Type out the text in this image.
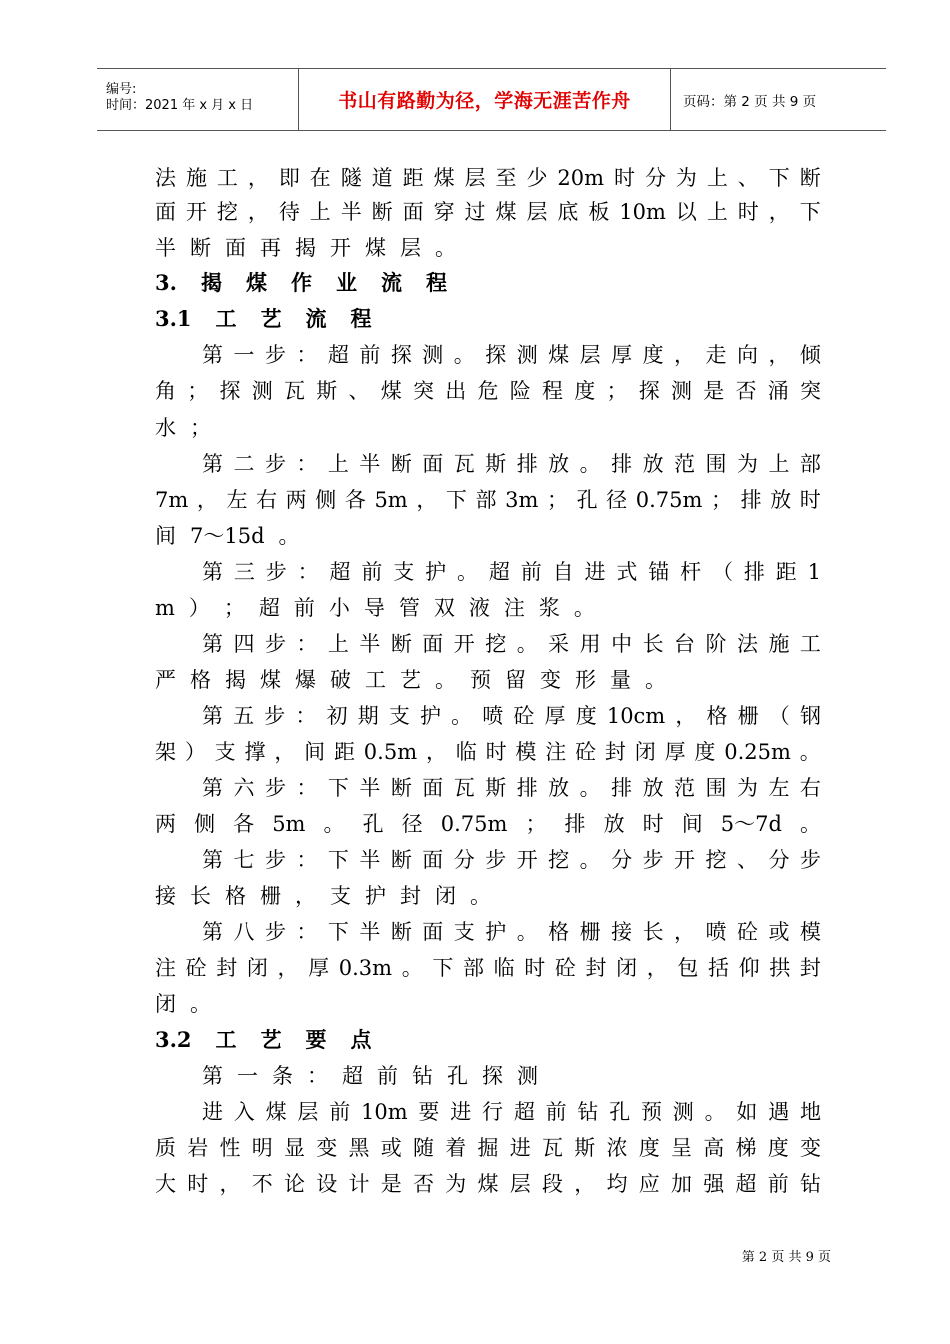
编号:
时间：2021 年 x 月 x 日	书山有路勤为径，学海无涯苦作舟	页码：第 2 页 共 9 页
法 施 工 ， 即 在 隧 道 距 煤 层 至 少 20m 时 分 为 上 、 下 断
面 开 挖 ， 待 上 半 断 面 穿 过 煤 层 底 板 10m 以 上 时 ， 下
半 断 面 再 揭 开 煤 层 。
3. 揭 煤 作 业 流 程
3.1 工 艺 流 程
第 一 步 ： 超 前 探 测 。 探 测 煤 层 厚 度 ， 走 向 ， 倾
角 ； 探 测 瓦 斯 、 煤 突 出 危 险 程 度 ； 探 测 是 否 涌 突
水 ；
第 二 步 ： 上 半 断 面 瓦 斯 排 放 。 排 放 范 围 为 上 部
7m ， 左 右 两 侧 各 5m ， 下 部 3m ； 孔 径 0.75m ； 排 放 时
间 7～15d 。
第 三 步 ： 超 前 支 护 。 超 前 自 进 式 锚 杆 （ 排 距 1
m ） ； 超 前 小 导 管 双 液 注 浆 。
第 四 步 ： 上 半 断 面 开 挖 。 采 用 中 长 台 阶 法 施 工
严 格 揭 煤 爆 破 工 艺 。 预 留 变 形 量 。
第 五 步 ： 初 期 支 护 。 喷 砼 厚 度 10cm ， 格 栅 （ 钢
架 ） 支 撑 ， 间 距 0.5m ， 临 时 模 注 砼 封 闭 厚 度 0.25m 。
第 六 步 ： 下 半 断 面 瓦 斯 排 放 。 排 放 范 围 为 左 右
两 侧 各 5m 。 孔 径 0.75m ； 排 放 时 间 5～7d 。
第 七 步 ： 下 半 断 面 分 步 开 挖 。 分 步 开 挖 、 分 步
接 长 格 栅 ， 支 护 封 闭 。
第 八 步 ： 下 半 断 面 支 护 。 格 栅 接 长 ， 喷 砼 或 模
注 砼 封 闭 ， 厚 0.3m 。 下 部 临 时 砼 封 闭 ， 包 括 仰 拱 封
闭 。
3.2 工 艺 要 点
第 一 条 ： 超 前 钻 孔 探 测
进 入 煤 层 前 10m 要 进 行 超 前 钻 孔 预 测 。 如 遇 地
质 岩 性 明 显 变 黑 或 随 着 掘 进 瓦 斯 浓 度 呈 高 梯 度 变
大 时 ， 不 论 设 计 是 否 为 煤 层 段 ， 均 应 加 强 超 前 钻
第 2 页 共 9 页
